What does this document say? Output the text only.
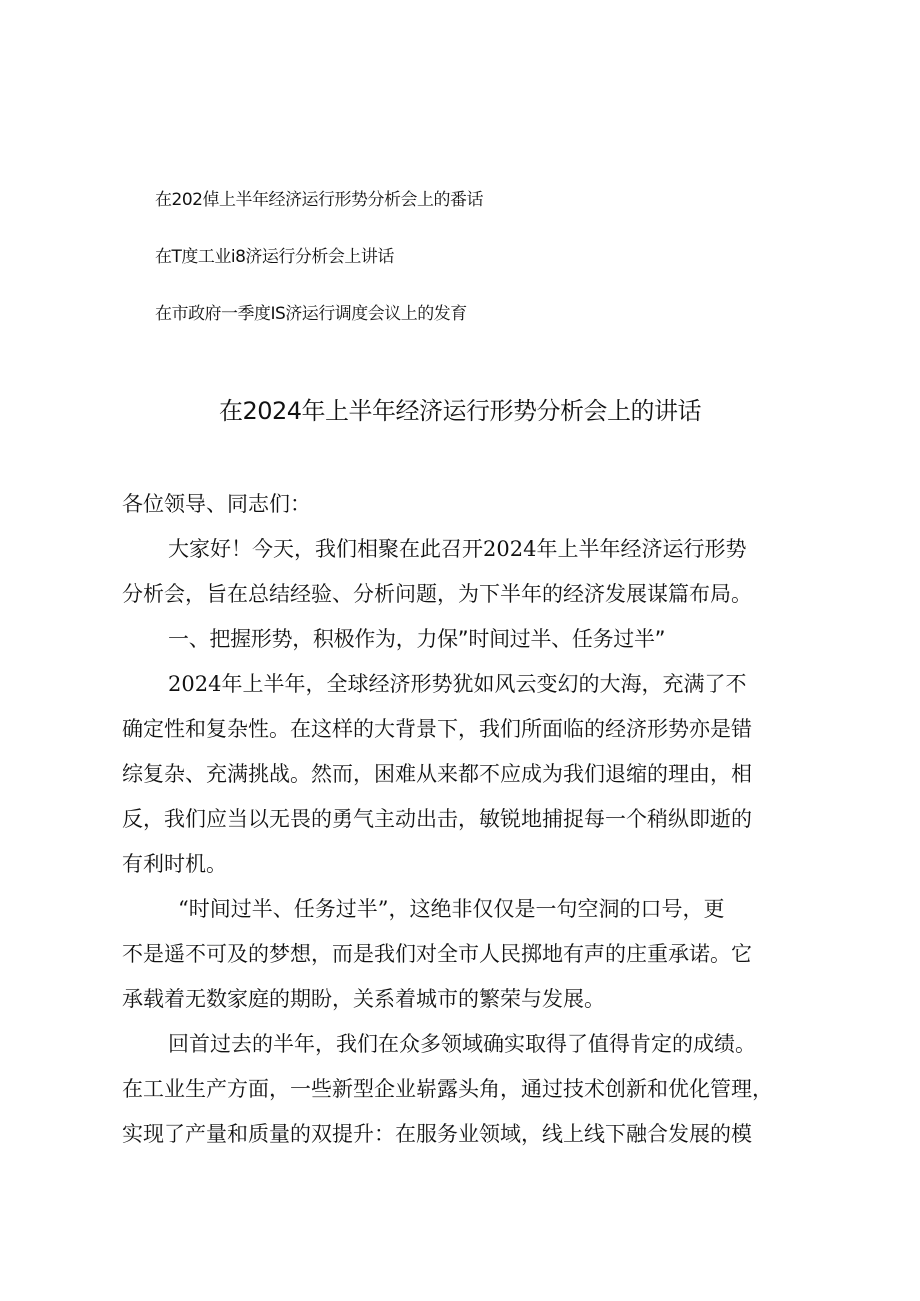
在202倬上半年经济运行形势分析会上的番话
在T度工业i8济运行分析会上讲话
在市政府一季度IS济运行调度会议上的发育
在2024年上半年经济运行形势分析会上的讲话

各位领导、同志们：

大家好！今天，我们相聚在此召开2024年上半年经济运行形势
分析会，旨在总结经验、分析问题，为下半年的经济发展谋篇布局。

一、把握形势，积极作为，力保”时间过半、任务过半”

2024年上半年，全球经济形势犹如风云变幻的大海，充满了不
确定性和复杂性。在这样的大背景下，我们所面临的经济形势亦是错
综复杂、充满挑战。然而，困难从来都不应成为我们退缩的理由，相
反，我们应当以无畏的勇气主动出击，敏锐地捕捉每一个稍纵即逝的
有利时机。

“时间过半、任务过半”，这绝非仅仅是一句空洞的口号，更
不是遥不可及的梦想，而是我们对全市人民掷地有声的庄重承诺。它
承载着无数家庭的期盼，关系着城市的繁荣与发展。

回首过去的半年，我们在众多领域确实取得了值得肯定的成绩。
在工业生产方面，一些新型企业崭露头角，通过技术创新和优化管理，
实现了产量和质量的双提升：在服务业领域，线上线下融合发展的模
